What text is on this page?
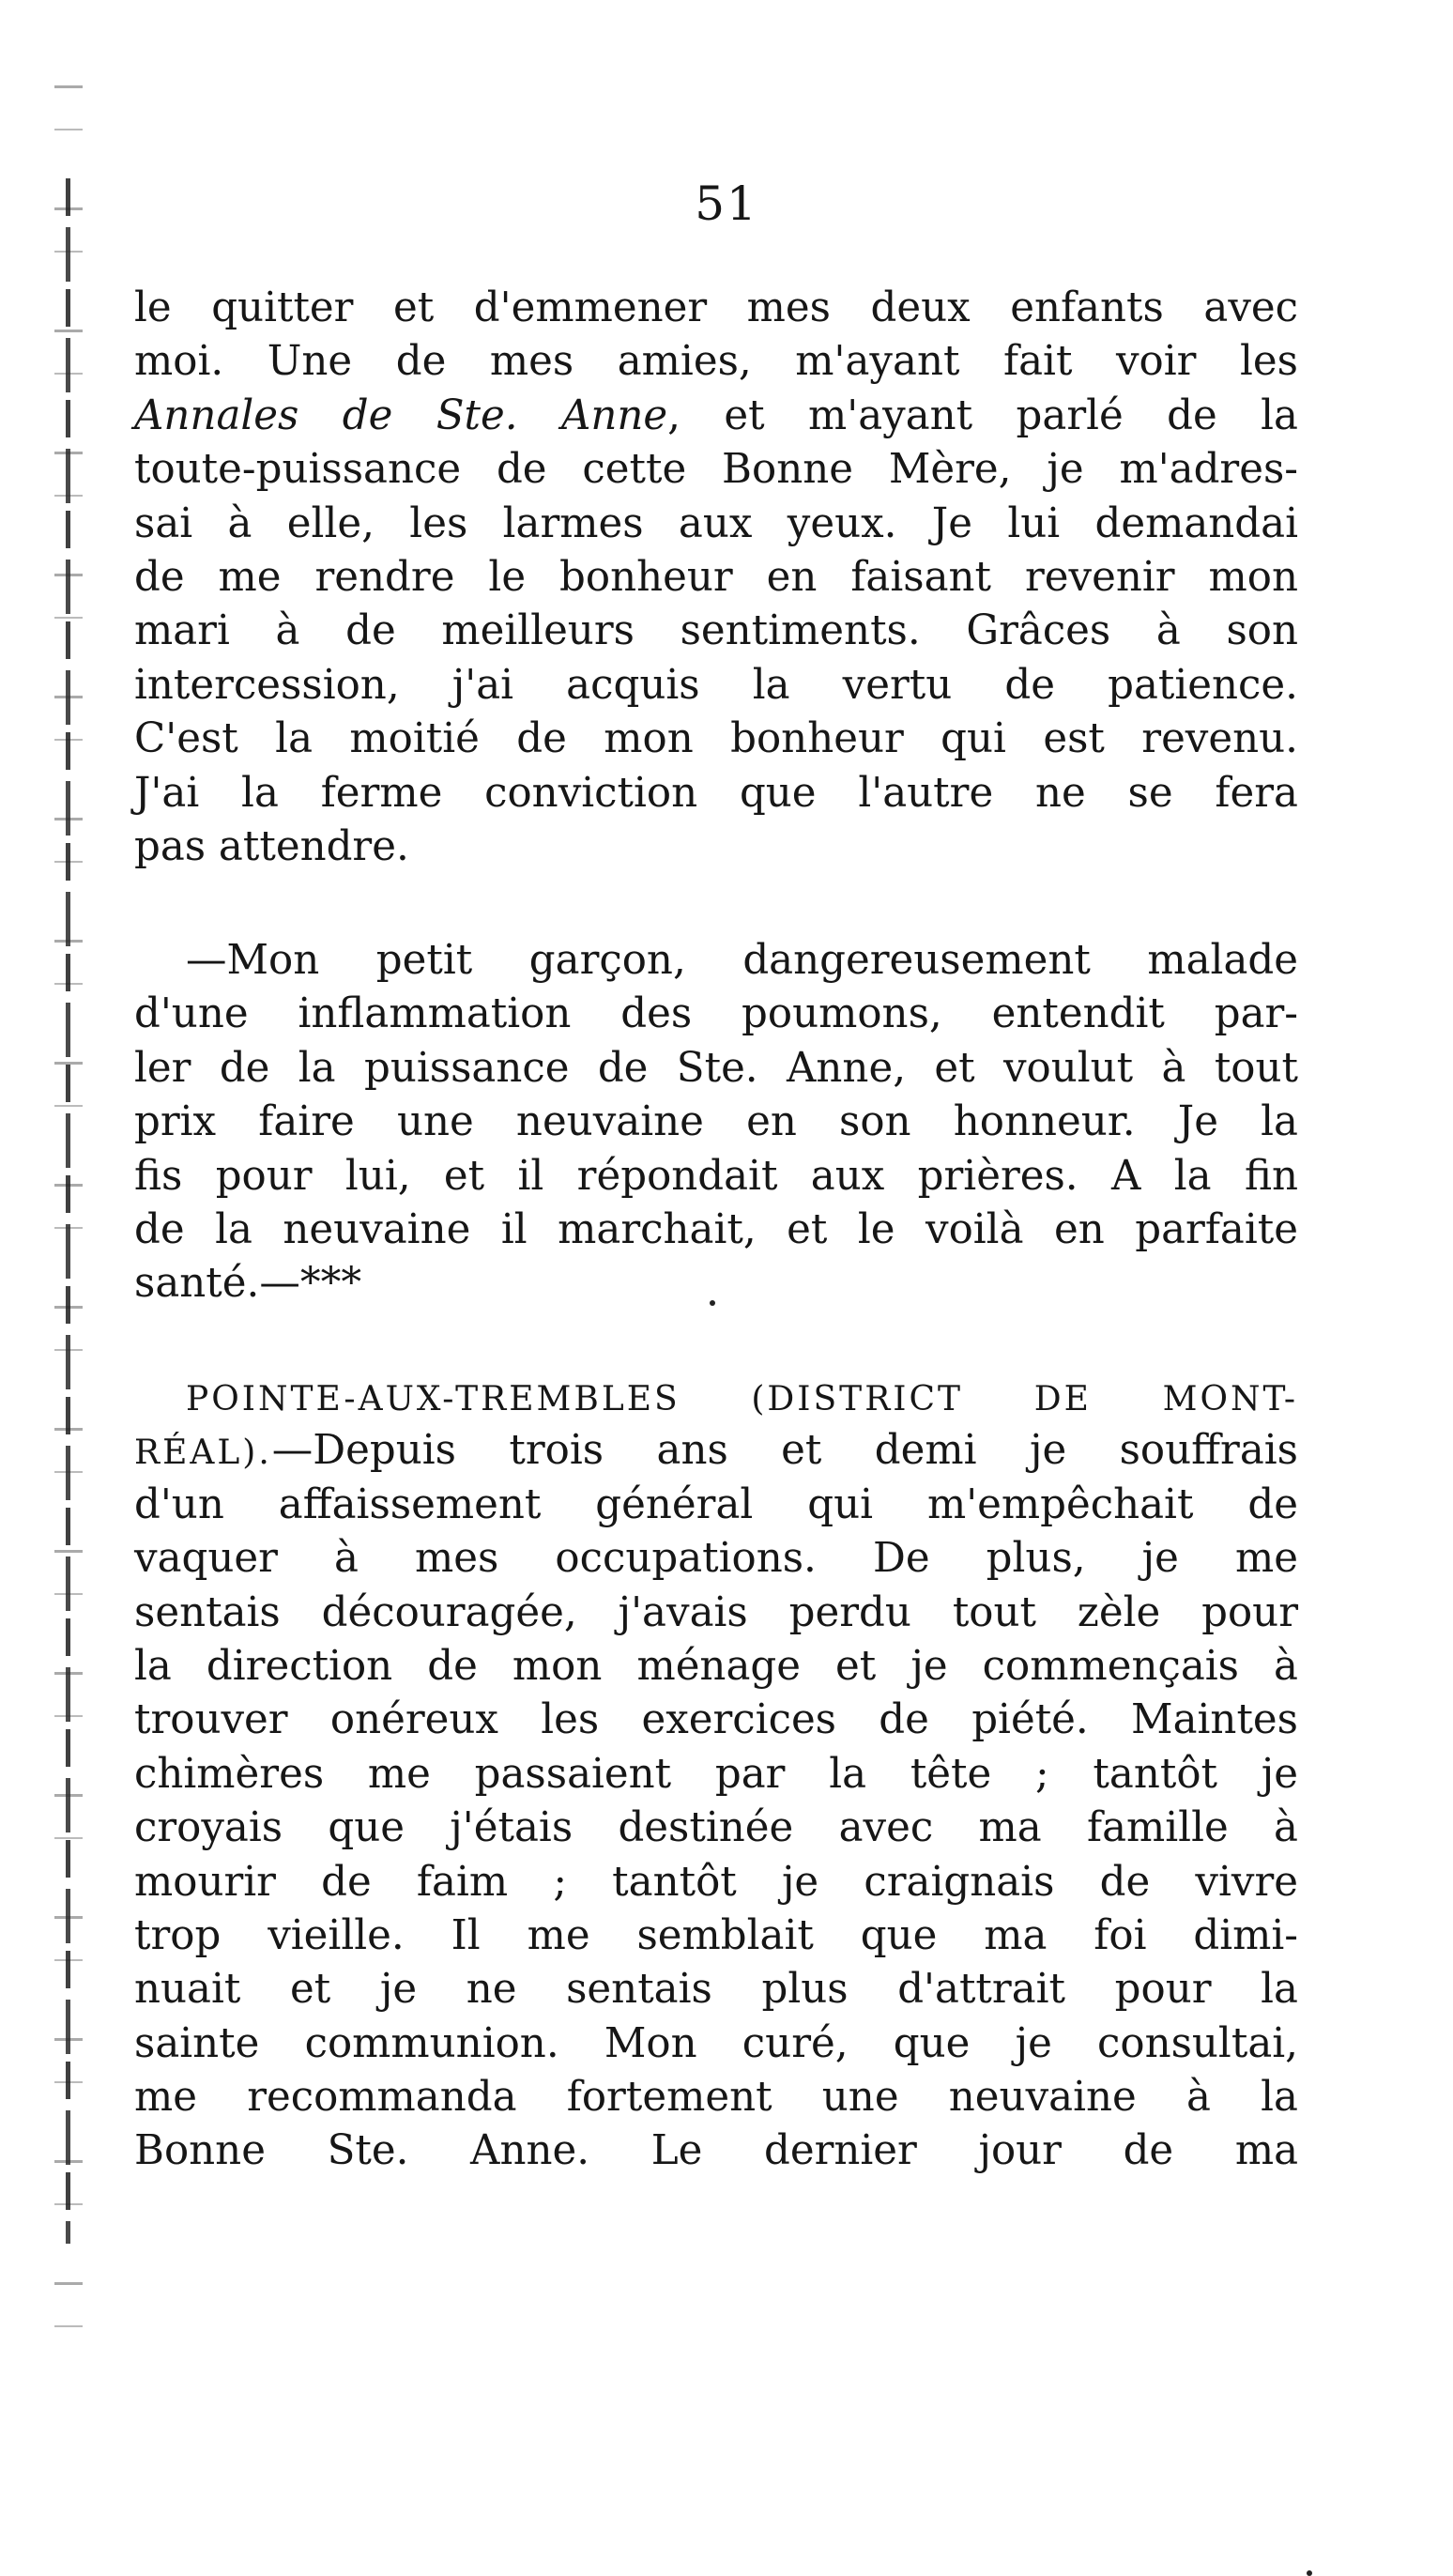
51
le quitter et d'emmener mes deux enfants avec
moi. Une de mes amies, m'ayant fait voir les
Annales de Ste. Anne, et m'ayant parlé de la
toute-puissance de cette Bonne Mère, je m'adres-
sai à elle, les larmes aux yeux. Je lui demandai
de me rendre le bonheur en faisant revenir mon
mari à de meilleurs sentiments. Grâces à son
intercession, j'ai acquis la vertu de patience.
C'est la moitié de mon bonheur qui est revenu.
J'ai la ferme conviction que l'autre ne se fera
pas attendre.
—Mon petit garçon, dangereusement malade
d'une inflammation des poumons, entendit par-
ler de la puissance de Ste. Anne, et voulut à tout
prix faire une neuvaine en son honneur. Je la
fis pour lui, et il répondait aux prières. A la fin
de la neuvaine il marchait, et le voilà en parfaite
santé.—***
POINTE-AUX-TREMBLES (DISTRICT DE MONT-
RÉAL).—Depuis trois ans et demi je souffrais
d'un affaissement général qui m'empêchait de
vaquer à mes occupations. De plus, je me
sentais découragée, j'avais perdu tout zèle pour
la direction de mon ménage et je commençais à
trouver onéreux les exercices de piété. Maintes
chimères me passaient par la tête ; tantôt je
croyais que j'étais destinée avec ma famille à
mourir de faim ; tantôt je craignais de vivre
trop vieille. Il me semblait que ma foi dimi-
nuait et je ne sentais plus d'attrait pour la
sainte communion. Mon curé, que je consultai,
me recommanda fortement une neuvaine à la
Bonne Ste. Anne. Le dernier jour de ma
